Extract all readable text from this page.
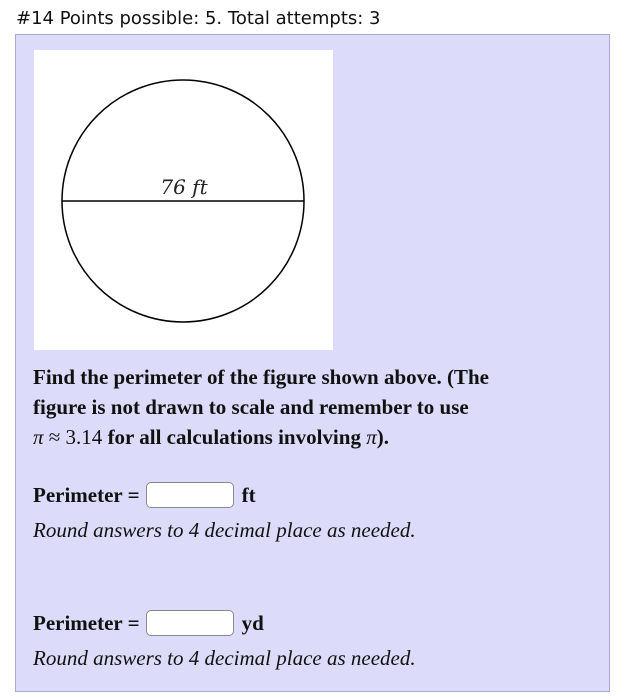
#14 Points possible: 5. Total attempts: 3
76 ft
Find the perimeter of the figure shown above. (The
figure is not drawn to scale and remember to use
π ≈ 3.14 for all calculations involving π).
Perimeter =	ft
Round answers to 4 decimal place as needed.
Perimeter =	yd
Round answers to 4 decimal place as needed.
